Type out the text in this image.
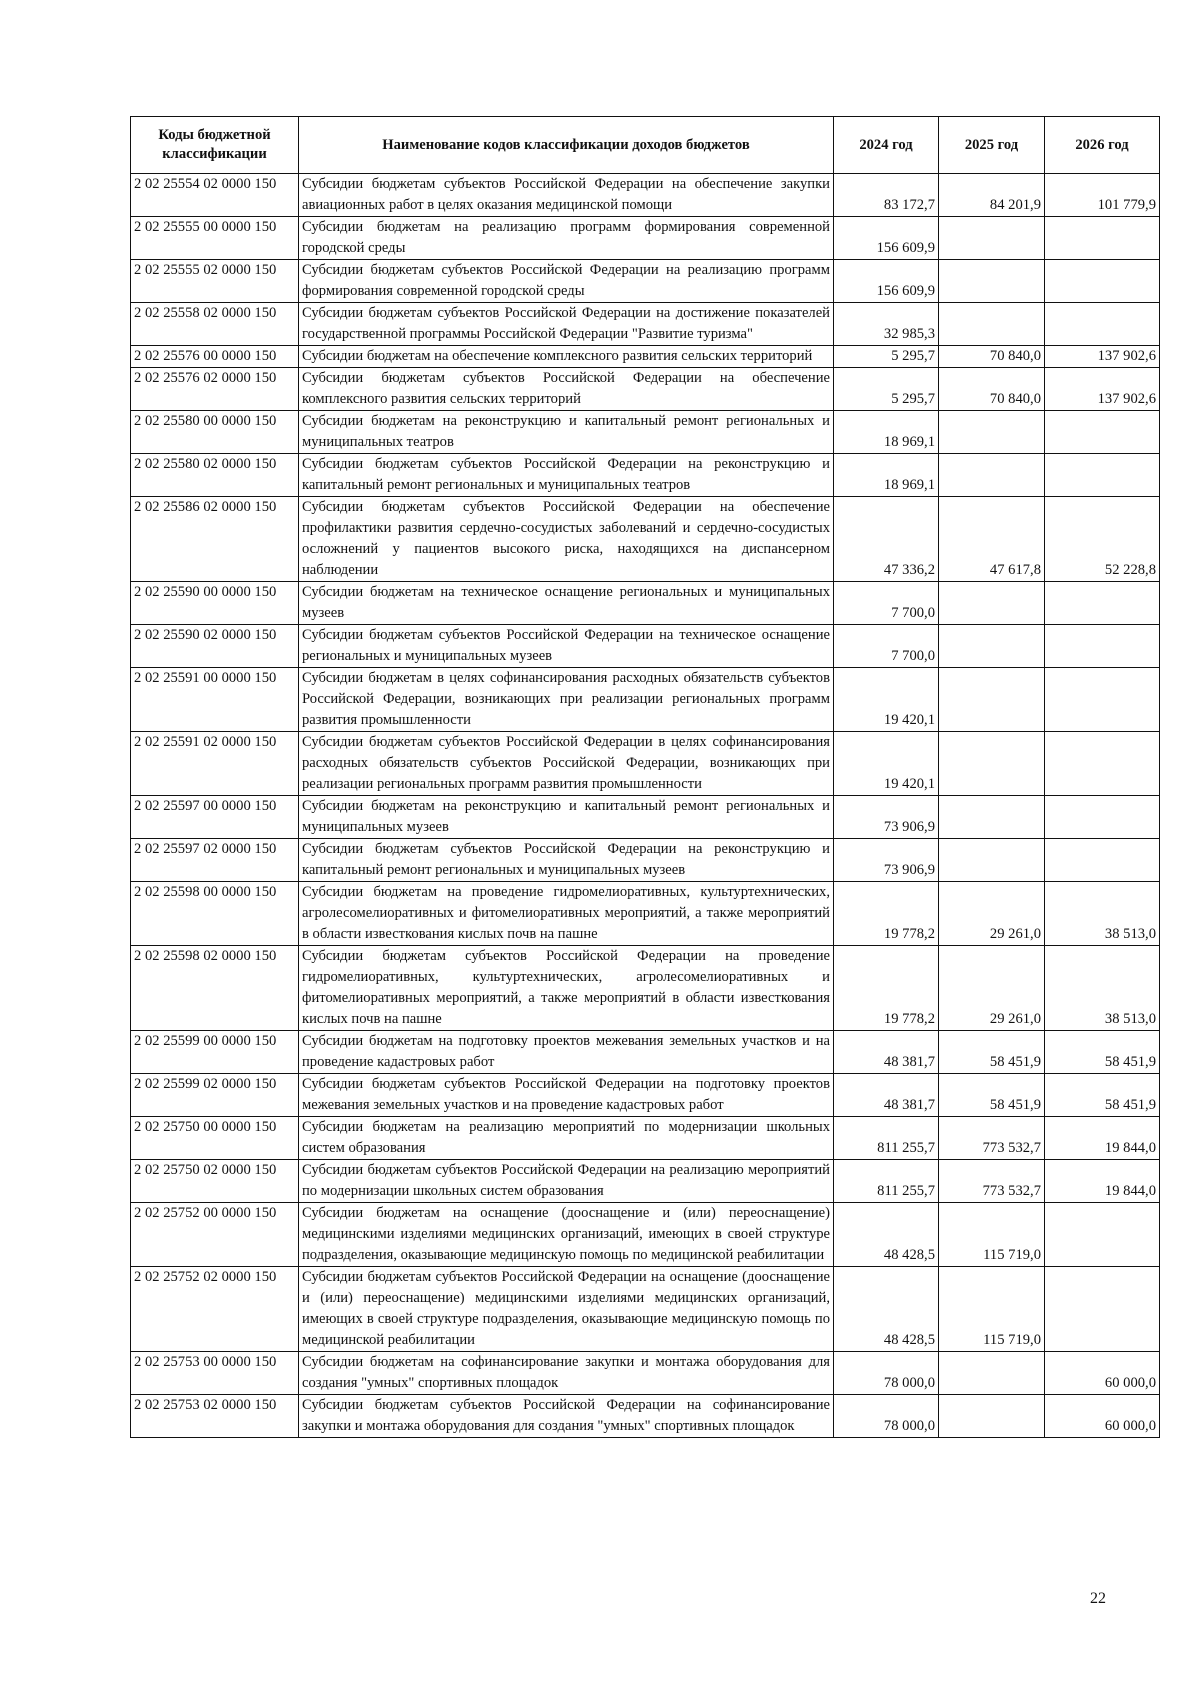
Коды бюджетной классификации	Наименование кодов классификации доходов бюджетов	2024 год	2025 год	2026 год
2 02 25554 02 0000 150	Субсидии бюджетам субъектов Российской Федерации на обеспечение закупки авиационных работ в целях оказания медицинской помощи	83 172,7	84 201,9	101 779,9
2 02 25555 00 0000 150	Субсидии бюджетам на реализацию программ формирования современной городской среды	156 609,9		
2 02 25555 02 0000 150	Субсидии бюджетам субъектов Российской Федерации на реализацию программ формирования современной городской среды	156 609,9		
2 02 25558 02 0000 150	Субсидии бюджетам субъектов Российской Федерации на достижение показателей государственной программы Российской Федерации "Развитие туризма"	32 985,3		
2 02 25576 00 0000 150	Субсидии бюджетам на обеспечение комплексного развития сельских территорий	5 295,7	70 840,0	137 902,6
2 02 25576 02 0000 150	Субсидии бюджетам субъектов Российской Федерации на обеспечение комплексного развития сельских территорий	5 295,7	70 840,0	137 902,6
2 02 25580 00 0000 150	Субсидии бюджетам на реконструкцию и капитальный ремонт региональных и муниципальных театров	18 969,1		
2 02 25580 02 0000 150	Субсидии бюджетам субъектов Российской Федерации на реконструкцию и капитальный ремонт региональных и муниципальных театров	18 969,1		
2 02 25586 02 0000 150	Субсидии бюджетам субъектов Российской Федерации на обеспечение профилактики развития сердечно-сосудистых заболеваний и сердечно-сосудистых осложнений у пациентов высокого риска, находящихся на диспансерном наблюдении	47 336,2	47 617,8	52 228,8
2 02 25590 00 0000 150	Субсидии бюджетам на техническое оснащение региональных и муниципальных музеев	7 700,0		
2 02 25590 02 0000 150	Субсидии бюджетам субъектов Российской Федерации на техническое оснащение региональных и муниципальных музеев	7 700,0		
2 02 25591 00 0000 150	Субсидии бюджетам в целях софинансирования расходных обязательств субъектов Российской Федерации, возникающих при реализации региональных программ развития промышленности	19 420,1		
2 02 25591 02 0000 150	Субсидии бюджетам субъектов Российской Федерации в целях софинансирования расходных обязательств субъектов Российской Федерации, возникающих при реализации региональных программ развития промышленности	19 420,1		
2 02 25597 00 0000 150	Субсидии бюджетам на реконструкцию и капитальный ремонт региональных и муниципальных музеев	73 906,9		
2 02 25597 02 0000 150	Субсидии бюджетам субъектов Российской Федерации на реконструкцию и капитальный ремонт региональных и муниципальных музеев	73 906,9		
2 02 25598 00 0000 150	Субсидии бюджетам на проведение гидромелиоративных, культуртехнических, агролесомелиоративных и фитомелиоративных мероприятий, а также мероприятий в области известкования кислых почв на пашне	19 778,2	29 261,0	38 513,0
2 02 25598 02 0000 150	Субсидии бюджетам субъектов Российской Федерации на проведение гидромелиоративных, культуртехнических, агролесомелиоративных и фитомелиоративных мероприятий, а также мероприятий в области известкования кислых почв на пашне	19 778,2	29 261,0	38 513,0
2 02 25599 00 0000 150	Субсидии бюджетам на подготовку проектов межевания земельных участков и на проведение кадастровых работ	48 381,7	58 451,9	58 451,9
2 02 25599 02 0000 150	Субсидии бюджетам субъектов Российской Федерации на подготовку проектов межевания земельных участков и на проведение кадастровых работ	48 381,7	58 451,9	58 451,9
2 02 25750 00 0000 150	Субсидии бюджетам на реализацию мероприятий по модернизации школьных систем образования	811 255,7	773 532,7	19 844,0
2 02 25750 02 0000 150	Субсидии бюджетам субъектов Российской Федерации на реализацию мероприятий по модернизации школьных систем образования	811 255,7	773 532,7	19 844,0
2 02 25752 00 0000 150	Субсидии бюджетам на оснащение (дооснащение и (или) переоснащение) медицинскими изделиями медицинских организаций, имеющих в своей структуре подразделения, оказывающие медицинскую помощь по медицинской реабилитации	48 428,5	115 719,0	
2 02 25752 02 0000 150	Субсидии бюджетам субъектов Российской Федерации на оснащение (дооснащение и (или) переоснащение) медицинскими изделиями медицинских организаций, имеющих в своей структуре подразделения, оказывающие медицинскую помощь по медицинской реабилитации	48 428,5	115 719,0	
2 02 25753 00 0000 150	Субсидии бюджетам на софинансирование закупки и монтажа оборудования для создания "умных" спортивных площадок	78 000,0		60 000,0
2 02 25753 02 0000 150	Субсидии бюджетам субъектов Российской Федерации на софинансирование закупки и монтажа оборудования для создания "умных" спортивных площадок	78 000,0		60 000,0
22
